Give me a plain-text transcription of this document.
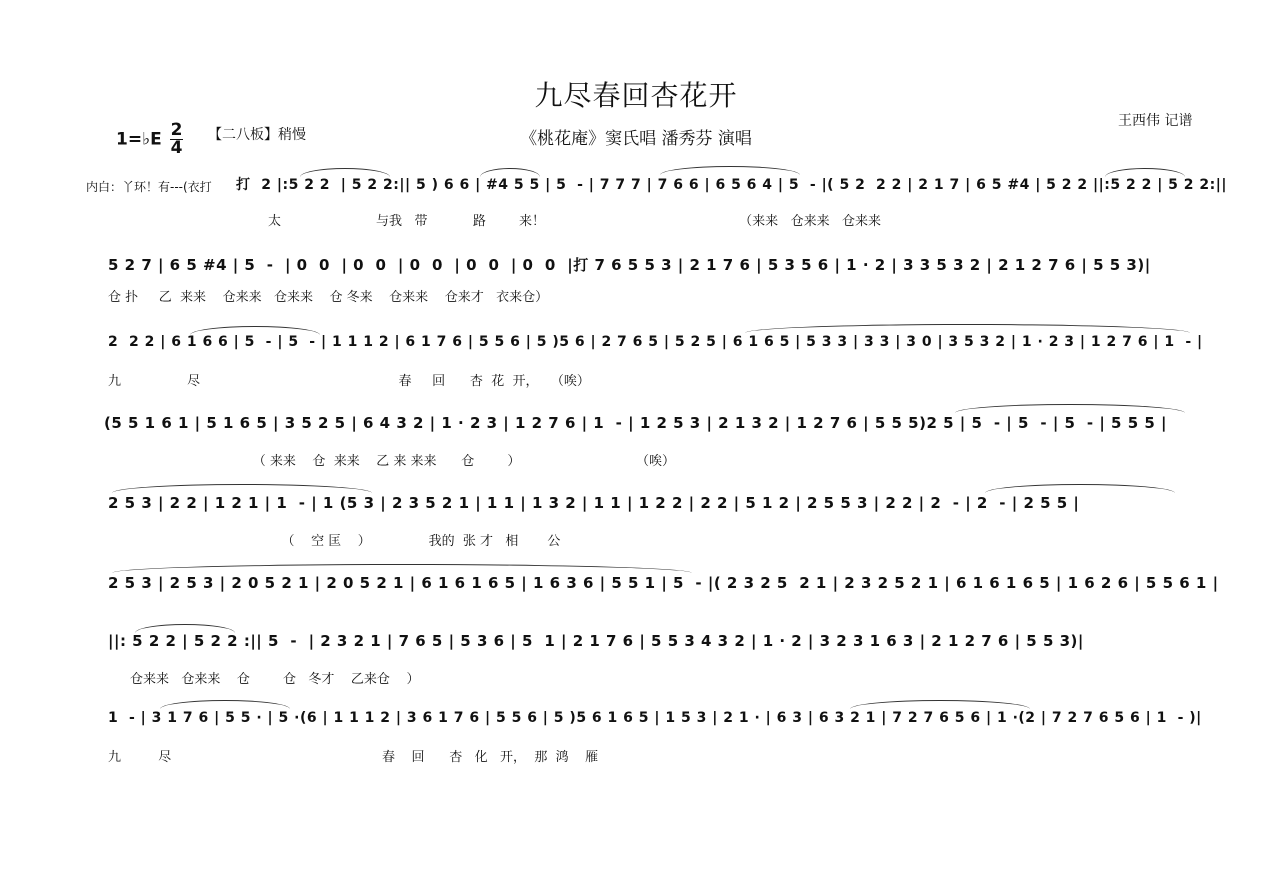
九尽春回杏花开
《桃花庵》窦氏唱 潘秀芬 演唱
王西伟 记谱
1=♭E $\frac{2}{4}$ 【二八板】稍慢
内白：丫环！有---(衣打 打  2 |:5 2 2  | 5 2 2:|| 5 ) 6 6 | #4 5 5 | 5  - | 7 7 7 | 7 6 6 | 6 5 6 4 | 5  - |( 5 2  2 2 | 2 1 7 | 6 5 #4 | 5 2 2 ||:5 2 2 | 5 2 2:||
太                       与我   带           路        来！                                               （来来   仓来来   仓来来
5 2 7 | 6 5 #4 | 5  -  | 0  0  | 0  0  | 0  0  | 0  0  | 0  0  |打 7 6 5 5 3 | 2 1 7 6 | 5 3 5 6 | 1 · 2 | 3 3 5 3 2 | 2 1 2 7 6 | 5 5 3)|
仓 扑     乙  来来    仓来来   仓来来    仓 冬来    仓来来    仓来才   衣来仓）
2  2 2 | 6 1 6 6 | 5  - | 5  - | 1 1 1 2 | 6 1 7 6 | 5 5 6 | 5 )5 6 | 2 7 6 5 | 5 2 5 | 6 1 6 5 | 5 3 3 | 3 3 | 3 0 | 3 5 3 2 | 1 · 2 3 | 1 2 7 6 | 1  - |
九                尽                                                春     回      杏  花  开，   （唉）
(5 5 1 6 1 | 5 1 6 5 | 3 5 2 5 | 6 4 3 2 | 1 · 2 3 | 1 2 7 6 | 1  - | 1 2 5 3 | 2 1 3 2 | 1 2 7 6 | 5 5 5)2 5 | 5  - | 5  - | 5  - | 5 5 5 |
（ 来来    仓  来来    乙 来 来来      仓        ）                            （唉）
2 5 3 | 2 2 | 1 2 1 | 1  - | 1 (5 3 | 2 3 5 2 1 | 1 1 | 1 3 2 | 1 1 | 1 2 2 | 2 2 | 5 1 2 | 2 5 5 3 | 2 2 | 2  - | 2  - | 2 5 5 |
（    空 匡    ）              我的  张 才   相       公
2 5 3 | 2 5 3 | 2 0 5 2 1 | 2 0 5 2 1 | 6 1 6 1 6 5 | 1 6 3 6 | 5 5 1 | 5  - |( 2 3 2 5  2 1 | 2 3 2 5 2 1 | 6 1 6 1 6 5 | 1 6 2 6 | 5 5 6 1 |
||: 5 2 2 | 5 2 2 :|| 5  -  | 2 3 2 1 | 7 6 5 | 5 3 6 | 5  1 | 2 1 7 6 | 5 5 3 4 3 2 | 1 · 2 | 3 2 3 1 6 3 | 2 1 2 7 6 | 5 5 3)|
仓来来   仓来来    仓        仓   冬才    乙来仓    ）
1  - | 3 1 7 6 | 5 5 · | 5 ·(6 | 1 1 1 2 | 3 6 1 7 6 | 5 5 6 | 5 )5 6 1 6 5 | 1 5 3 | 2 1 · | 6 3 | 6 3 2 1 | 7 2 7 6 5 6 | 1 ·(2 | 7 2 7 6 5 6 | 1  - )|
九         尽                                                   春    回      杏   化   开，  那  鸿    雁
